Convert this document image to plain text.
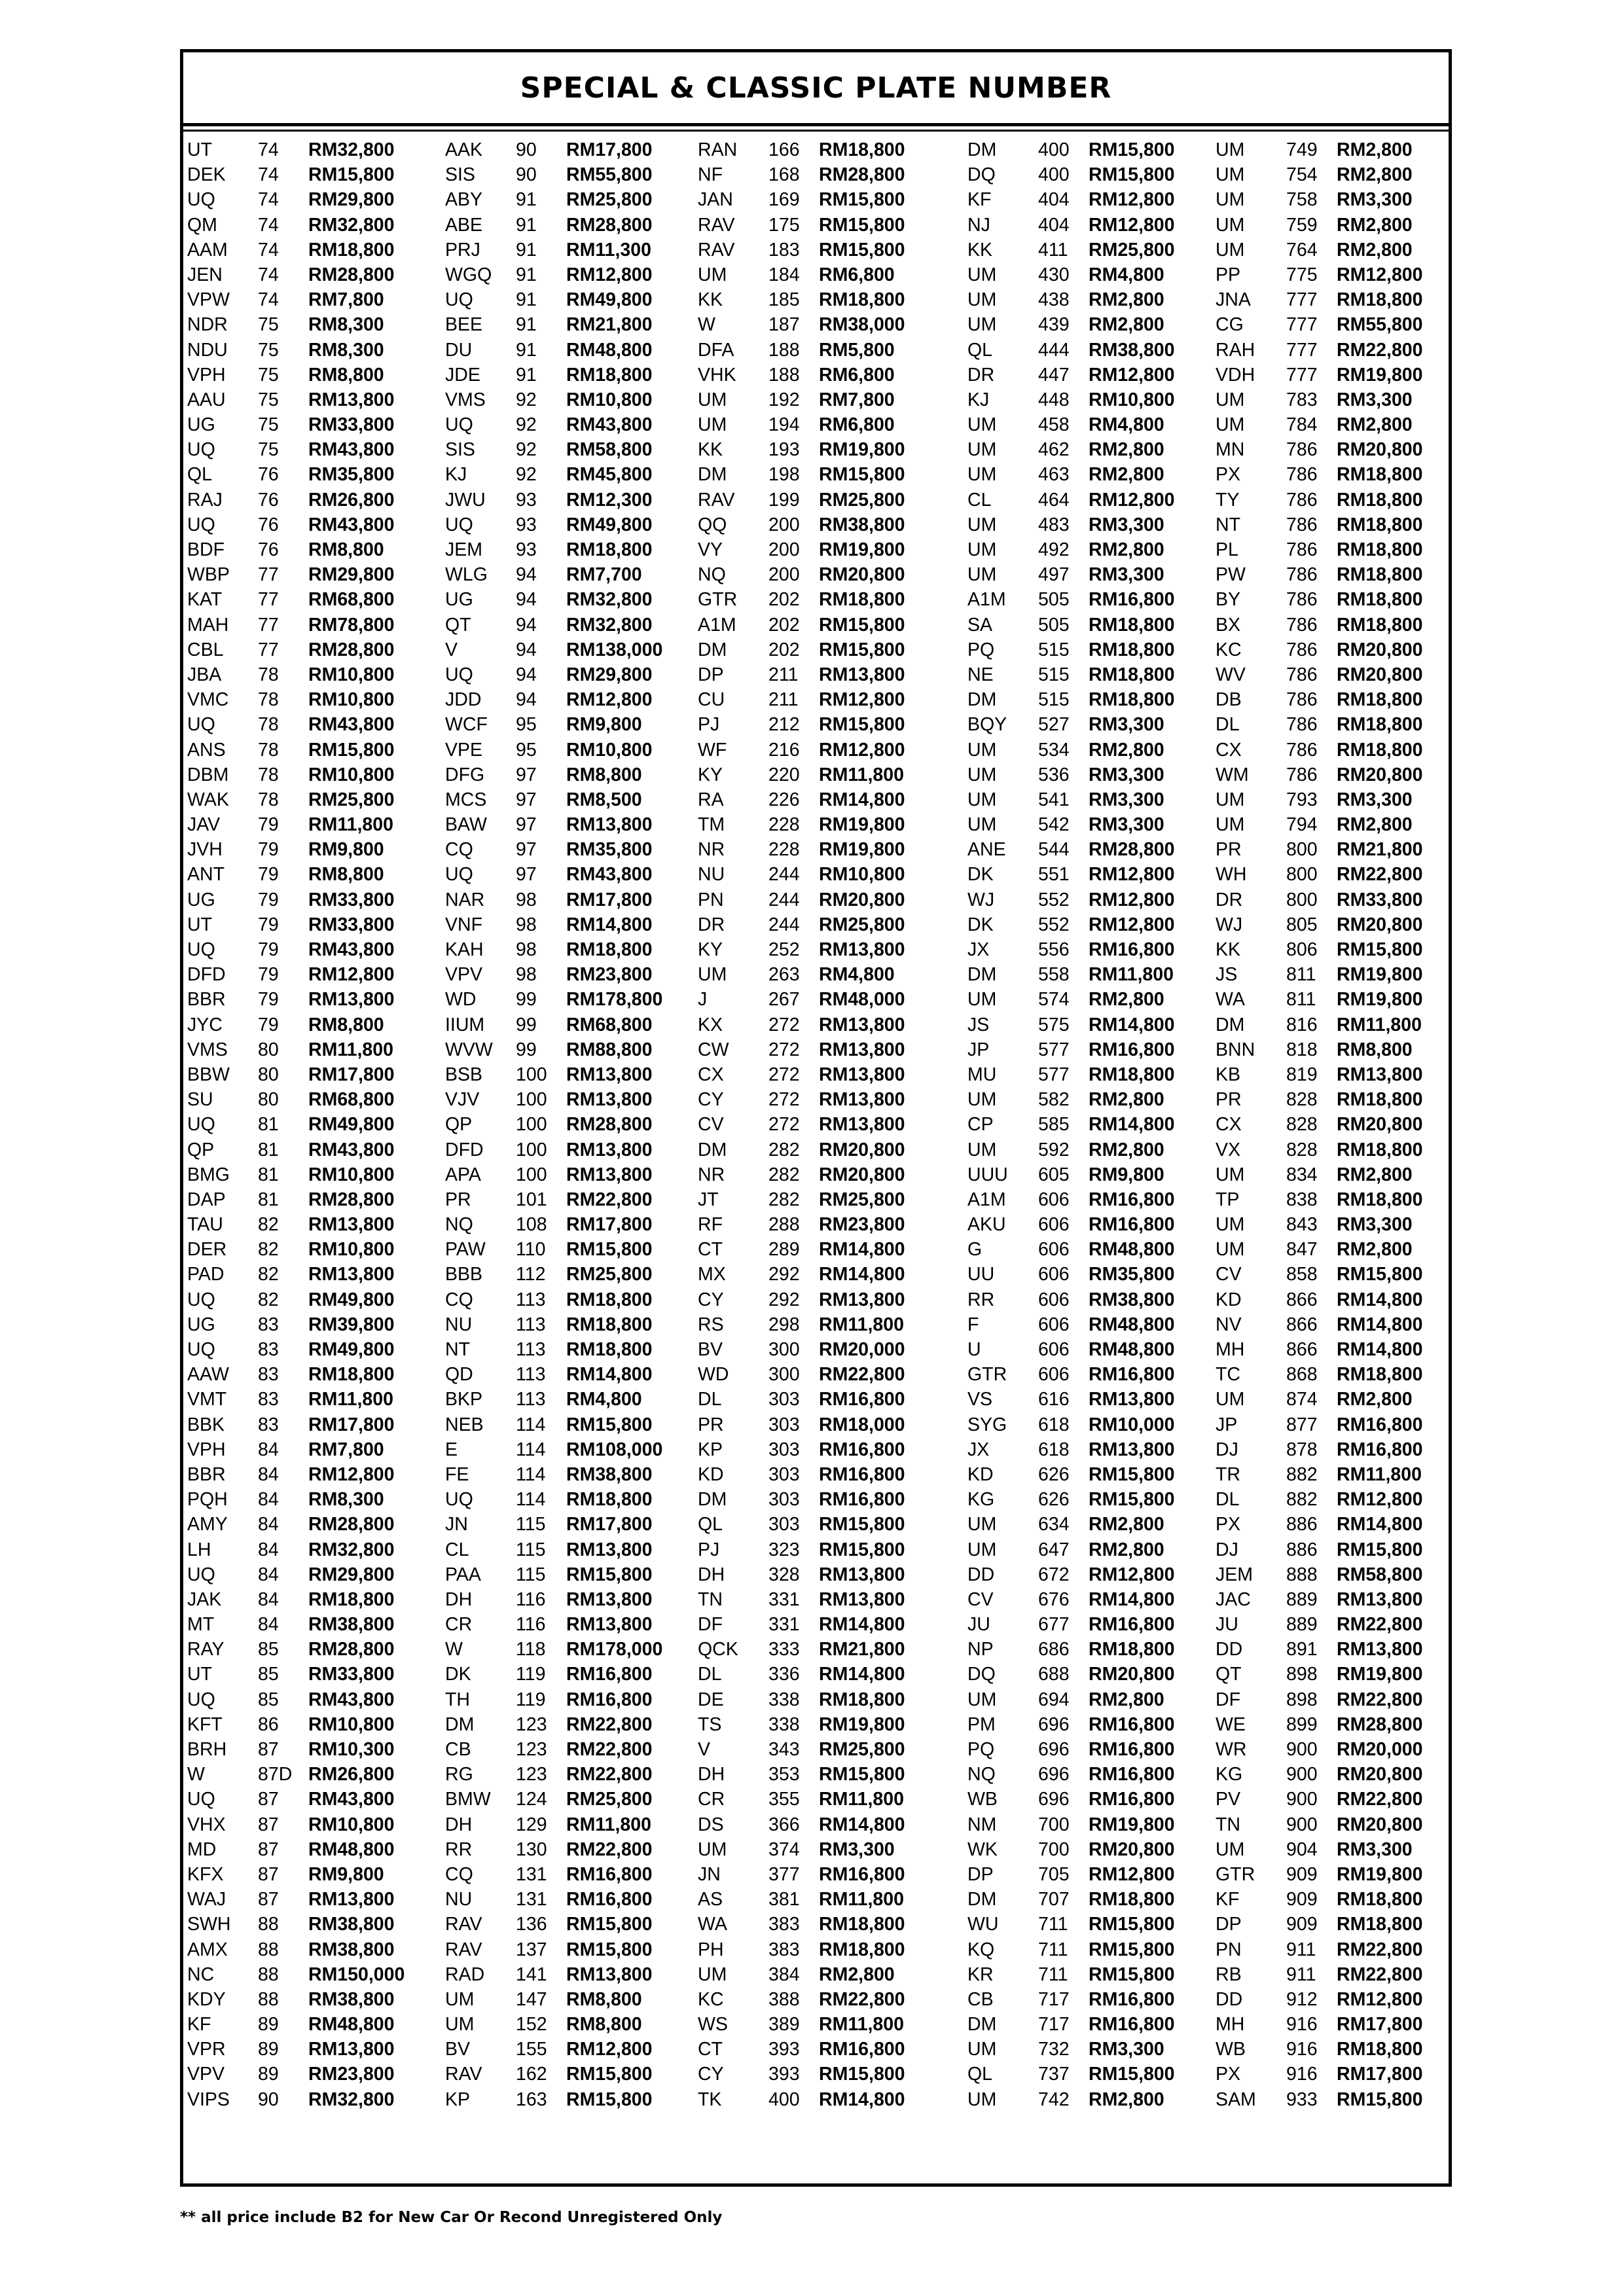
SPECIAL & CLASSIC PLATE NUMBER
UT 74 RM32,800
DEK 74 RM15,800
UQ 74 RM29,800
QM 74 RM32,800
AAM 74 RM18,800
JEN 74 RM28,800
VPW 74 RM7,800
NDR 75 RM8,300
NDU 75 RM8,300
VPH 75 RM8,800
AAU 75 RM13,800
UG 75 RM33,800
UQ 75 RM43,800
QL 76 RM35,800
RAJ 76 RM26,800
UQ 76 RM43,800
BDF 76 RM8,800
WBP 77 RM29,800
KAT 77 RM68,800
MAH 77 RM78,800
CBL 77 RM28,800
JBA 78 RM10,800
VMC 78 RM10,800
UQ 78 RM43,800
ANS 78 RM15,800
DBM 78 RM10,800
WAK 78 RM25,800
JAV 79 RM11,800
JVH 79 RM9,800
ANT 79 RM8,800
UG 79 RM33,800
UT 79 RM33,800
UQ 79 RM43,800
DFD 79 RM12,800
BBR 79 RM13,800
JYC 79 RM8,800
VMS 80 RM11,800
BBW 80 RM17,800
SU 80 RM68,800
UQ 81 RM49,800
QP 81 RM43,800
BMG 81 RM10,800
DAP 81 RM28,800
TAU 82 RM13,800
DER 82 RM10,800
PAD 82 RM13,800
UQ 82 RM49,800
UG 83 RM39,800
UQ 83 RM49,800
AAW 83 RM18,800
VMT 83 RM11,800
BBK 83 RM17,800
VPH 84 RM7,800
BBR 84 RM12,800
PQH 84 RM8,300
AMY 84 RM28,800
LH	84 RM32,800
UQ 84 RM29,800
JAK 84 RM18,800
MT 84 RM38,800
RAY 85 RM28,800
UT 85 RM33,800
UQ 85 RM43,800
KFT 86 RM10,800
BRH 87 RM10,300
W	87D RM26,800
UQ 87 RM43,800
VHX 87 RM10,800
MD 87 RM48,800
KFX 87 RM9,800
WAJ 87 RM13,800
SWH 88 RM38,800
AMX 88 RM38,800
NC 88 RM150,000
KDY 88 RM38,800
KF	89 RM48,800
VPR 89 RM13,800
VPV 89 RM23,800
VIPS 90 RM32,800
AAK 90 RM17,800
SIS 90 RM55,800
ABY 91 RM25,800
ABE 91 RM28,800
PRJ 91 RM11,300
WGQ 91 RM12,800
UQ 91 RM49,800
BEE 91 RM21,800
DU 91 RM48,800
JDE 91 RM18,800
VMS 92 RM10,800
UQ 92 RM43,800
SIS 92 RM58,800
KJ	92 RM45,800
JWU 93 RM12,300
UQ 93 RM49,800
JEM 93 RM18,800
WLG 94 RM7,700
UG 94 RM32,800
QT 94 RM32,800
V	94 RM138,000
UQ 94 RM29,800
JDD 94 RM12,800
WCF 95 RM9,800
VPE 95 RM10,800
DFG 97 RM8,800
MCS 97 RM8,500
BAW 97 RM13,800
CQ 97 RM35,800
UQ 97 RM43,800
NAR 98 RM17,800
VNF 98 RM14,800
KAH 98 RM18,800
VPV 98 RM23,800
WD 99 RM178,800
IIUM 99 RM68,800
WVW 99 RM88,800
BSB 100 RM13,800
VJV 100 RM13,800
QP 100 RM28,800
DFD 100 RM13,800
APA 100 RM13,800
PR 101 RM22,800
NQ 108 RM17,800
PAW 110 RM15,800
BBB 112 RM25,800
CQ 113 RM18,800
NU 113 RM18,800
NT 113 RM18,800
QD 113 RM14,800
BKP 113 RM4,800
NEB 114 RM15,800
E	114 RM108,000
FE	114 RM38,800
UQ 114 RM18,800
JN	115 RM17,800
CL	115 RM13,800
PAA 115 RM15,800
DH 116 RM13,800
CR 116 RM13,800
W	118 RM178,000
DK 119 RM16,800
TH 119 RM16,800
DM 123 RM22,800
CB 123 RM22,800
RG 123 RM22,800
BMW 124 RM25,800
DH 129 RM11,800
RR 130 RM22,800
CQ 131 RM16,800
NU 131 RM16,800
RAV 136 RM15,800
RAV 137 RM15,800
RAD 141 RM13,800
UM 147 RM8,800
UM 152 RM8,800
BV 155 RM12,800
RAV 162 RM15,800
KP 163 RM15,800
RAN 166 RM18,800
NF 168 RM28,800
JAN 169 RM15,800
RAV 175 RM15,800
RAV 183 RM15,800
UM 184 RM6,800
KK 185 RM18,800
W	187 RM38,000
DFA 188 RM5,800
VHK 188 RM6,800
UM 192 RM7,800
UM 194 RM6,800
KK 193 RM19,800
DM 198 RM15,800
RAV 199 RM25,800
QQ 200 RM38,800
VY 200 RM19,800
NQ 200 RM20,800
GTR 202 RM18,800
A1M 202 RM15,800
DM 202 RM15,800
DP 211 RM13,800
CU 211 RM12,800
PJ	212 RM15,800
WF 216 RM12,800
KY 220 RM11,800
RA 226 RM14,800
TM 228 RM19,800
NR 228 RM19,800
NU 244 RM10,800
PN 244 RM20,800
DR 244 RM25,800
KY 252 RM13,800
UM 263 RM4,800
J	267 RM48,000
KX 272 RM13,800
CW 272 RM13,800
CX 272 RM13,800
CY 272 RM13,800
CV 272 RM13,800
DM 282 RM20,800
NR 282 RM20,800
JT	282 RM25,800
RF 288 RM23,800
CT 289 RM14,800
MX 292 RM14,800
CY 292 RM13,800
RS 298 RM11,800
BV 300 RM20,000
WD 300 RM22,800
DL	303 RM16,800
PR 303 RM18,000
KP 303 RM16,800
KD 303 RM16,800
DM 303 RM16,800
QL 303 RM15,800
PJ	323 RM15,800
DH 328 RM13,800
TN 331 RM13,800
DF 331 RM14,800
QCK 333 RM21,800
DL	336 RM14,800
DE 338 RM18,800
TS	338 RM19,800
V	343 RM25,800
DH 353 RM15,800
CR 355 RM11,800
DS 366 RM14,800
UM 374 RM3,300
JN	377 RM16,800
AS 381 RM11,800
WA 383 RM18,800
PH 383 RM18,800
UM 384 RM2,800
KC 388 RM22,800
WS 389 RM11,800
CT 393 RM16,800
CY 393 RM15,800
TK	400 RM14,800
DM 400 RM15,800
DQ 400 RM15,800
KF	404 RM12,800
NJ	404 RM12,800
KK 411 RM25,800
UM 430 RM4,800
UM 438 RM2,800
UM 439 RM2,800
QL 444 RM38,800
DR 447 RM12,800
KJ	448 RM10,800
UM 458 RM4,800
UM 462 RM2,800
UM 463 RM2,800
CL	464 RM12,800
UM 483 RM3,300
UM 492 RM2,800
UM 497 RM3,300
A1M 505 RM16,800
SA 505 RM18,800
PQ 515 RM18,800
NE 515 RM18,800
DM 515 RM18,800
BQY 527 RM3,300
UM 534 RM2,800
UM 536 RM3,300
UM 541 RM3,300
UM 542 RM3,300
ANE 544 RM28,800
DK 551 RM12,800
WJ 552 RM12,800
DK 552 RM12,800
JX	556 RM16,800
DM 558 RM11,800
UM 574 RM2,800
JS	575 RM14,800
JP	577 RM16,800
MU 577 RM18,800
UM 582 RM2,800
CP 585 RM14,800
UM 592 RM2,800
UUU 605 RM9,800
A1M 606 RM16,800
AKU 606 RM16,800
G	606 RM48,800
UU 606 RM35,800
RR 606 RM38,800
F	606 RM48,800
U	606 RM48,800
GTR 606 RM16,800
VS 616 RM13,800
SYG 618 RM10,000
JX	618 RM13,800
KD 626 RM15,800
KG 626 RM15,800
UM 634 RM2,800
UM 647 RM2,800
DD 672 RM12,800
CV 676 RM14,800
JU	677 RM16,800
NP 686 RM18,800
DQ 688 RM20,800
UM 694 RM2,800
PM 696 RM16,800
PQ 696 RM16,800
NQ 696 RM16,800
WB 696 RM16,800
NM 700 RM19,800
WK 700 RM20,800
DP 705 RM12,800
DM 707 RM18,800
WU 711 RM15,800
KQ 711 RM15,800
KR 711 RM15,800
CB 717 RM16,800
DM 717 RM16,800
UM 732 RM3,300
QL 737 RM15,800
UM 742 RM2,800
UM 749 RM2,800
UM 754 RM2,800
UM 758 RM3,300
UM 759 RM2,800
UM 764 RM2,800
PP 775 RM12,800
JNA 777 RM18,800
CG 777 RM55,800
RAH 777 RM22,800
VDH 777 RM19,800
UM 783 RM3,300
UM 784 RM2,800
MN 786 RM20,800
PX 786 RM18,800
TY	786 RM18,800
NT 786 RM18,800
PL	786 RM18,800
PW 786 RM18,800
BY 786 RM18,800
BX 786 RM18,800
KC 786 RM20,800
WV 786 RM20,800
DB 786 RM18,800
DL	786 RM18,800
CX 786 RM18,800
WM 786 RM20,800
UM 793 RM3,300
UM 794 RM2,800
PR 800 RM21,800
WH 800 RM22,800
DR 800 RM33,800
WJ 805 RM20,800
KK 806 RM15,800
JS	811 RM19,800
WA 811 RM19,800
DM 816 RM11,800
BNN 818 RM8,800
KB 819 RM13,800
PR 828 RM18,800
CX 828 RM20,800
VX 828 RM18,800
UM 834 RM2,800
TP	838 RM18,800
UM 843 RM3,300
UM 847 RM2,800
CV 858 RM15,800
KD 866 RM14,800
NV 866 RM14,800
MH 866 RM14,800
TC 868 RM18,800
UM 874 RM2,800
JP	877 RM16,800
DJ	878 RM16,800
TR 882 RM11,800
DL	882 RM12,800
PX 886 RM14,800
DJ	886 RM15,800
JEM 888 RM58,800
JAC 889 RM13,800
JU	889 RM22,800
DD 891 RM13,800
QT 898 RM19,800
DF 898 RM22,800
WE 899 RM28,800
WR 900 RM20,000
KG 900 RM20,800
PV 900 RM22,800
TN 900 RM20,800
UM 904 RM3,300
GTR 909 RM19,800
KF	909 RM18,800
DP 909 RM18,800
PN 911 RM22,800
RB 911 RM22,800
DD 912 RM12,800
MH 916 RM17,800
WB 916 RM18,800
PX 916 RM17,800
SAM 933 RM15,800
** all price include B2 for New Car Or Recond Unregistered Only
